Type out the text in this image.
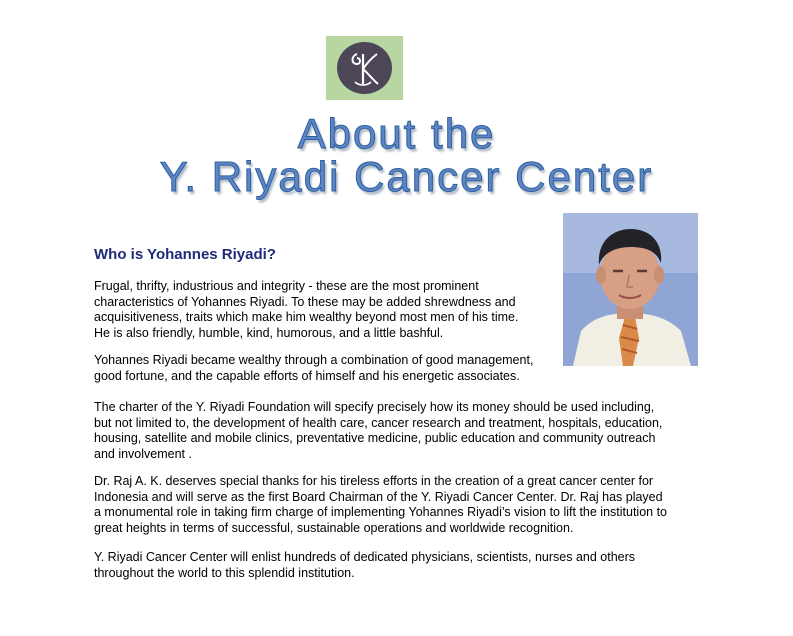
About the
Y. Riyadi Cancer Center
Who is Yohannes Riyadi?

Frugal, thrifty, industrious and integrity - these are the most prominent
characteristics of Yohannes Riyadi. To these may be added shrewdness and
acquisitiveness, traits which make him wealthy beyond most men of his time.
He is also friendly, humble, kind, humorous, and a little bashful.

Yohannes Riyadi became wealthy through a combination of good management,
good fortune, and the capable efforts of himself and his energetic associates.

The charter of the Y. Riyadi Foundation will specify precisely how its money should be used including,
but not limited to, the development of health care, cancer research and treatment, hospitals, education,
housing, satellite and mobile clinics, preventative medicine, public education and community outreach
and involvement .

Dr. Raj A. K. deserves special thanks for his tireless efforts in the creation of a great cancer center for
Indonesia and will serve as the first Board Chairman of the Y. Riyadi Cancer Center. Dr. Raj has played
a monumental role in taking firm charge of implementing Yohannes Riyadi’s vision to lift the institution to
great heights in terms of successful, sustainable operations and worldwide recognition.

Y. Riyadi Cancer Center will enlist hundreds of dedicated physicians, scientists, nurses and others
throughout the world to this splendid institution.
